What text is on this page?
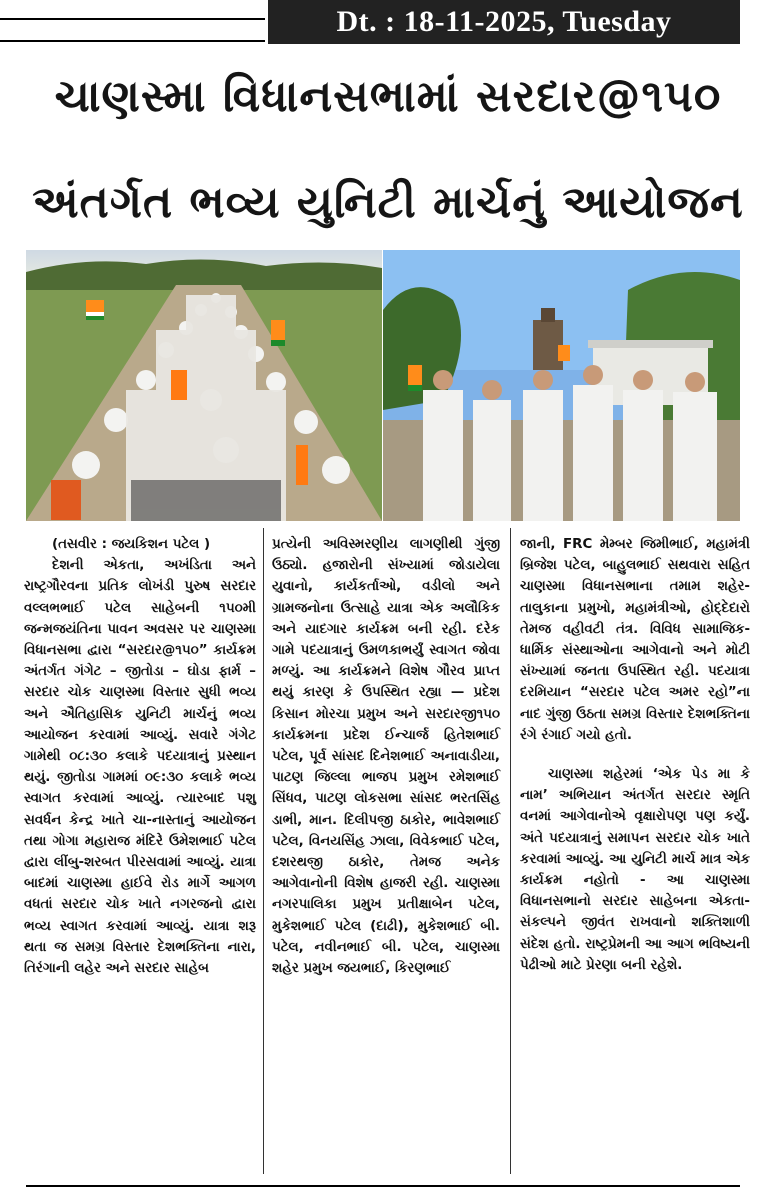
Dt. : 18-11-2025, Tuesday
ચાણસ્મા વિધાનસભામાં સરદાર@૧૫૦
અંતર્ગત ભવ્ય યુનિટી માર્ચનું આયોજન

(તસવીર : જયકિશન પટેલ )

દેશની એકતા, અખંડિતા અને રાષ્ટ્રગૌરવના પ્રતિક લોખંડી પુરુષ સરદાર વલ્લભભાઈ પટેલ સાહેબની ૧૫૦મી જન્મજયંતિના પાવન અવસર પર ચાણસ્મા વિધાનસભા દ્વારા “સરદાર@૧૫૦” કાર્યક્રમ અંતર્ગત ગંગેટ – જીતોડા – ઘોડા ફાર્મ – સરદાર ચોક ચાણસ્મા વિસ્તાર સુધી ભવ્ય અને ઐતિહાસિક યુનિટી માર્ચનું ભવ્ય આયોજન કરવામાં આવ્યું. સવારે ગંગેટ ગામેથી ૦૮:૩૦ કલાકે પદયાત્રાનું પ્રસ્થાન થયું. જીતોડા ગામમાં ૦૯:૩૦ કલાકે ભવ્ય સ્વાગત કરવામાં આવ્યું. ત્યારબાદ પશુ સવર્ધન કેન્દ્ર ખાતે ચા-નાસ્તાનું આયોજન તથા ગોગા મહારાજ મંદિરે ઉમેશભાઈ પટેલ દ્વારા લીંબુ-શરબત પીરસવામાં આવ્યું. યાત્રા બાદમાં ચાણસ્મા હાઈવે રોડ માર્ગે આગળ વધતાં સરદાર ચોક ખાતે નગરજનો દ્વારા ભવ્ય સ્વાગત કરવામાં આવ્યું. યાત્રા શરૂ થતા જ સમગ્ર વિસ્તાર દેશભક્તિના નારા, તિરંગાની લહેર અને સરદાર સાહેબ

પ્રત્યેની અવિસ્મરણીય લાગણીથી ગુંજી ઉઠ્યો. હજારોની સંખ્યામાં જોડાયેલા યુવાનો, કાર્યકર્તાઓ, વડીલો અને ગ્રામજનોના ઉત્સાહે યાત્રા એક અલૌકિક અને યાદગાર કાર્યક્રમ બની રહી. દરેક ગામે પદયાત્રાનું ઉમળકાભર્યું સ્વાગત જોવા મળ્યું. આ કાર્યક્રમને વિશેષ ગૌરવ પ્રાપ્ત થયું કારણ કે ઉપસ્થિત રહ્યા — પ્રદેશ કિસાન મોરચા પ્રમુખ અને સરદારજી૧૫૦ કાર્યક્રમના પ્રદેશ ઈન્ચાર્જ હિતેશભાઈ પટેલ, પૂર્વ સાંસદ દિનેશભાઈ અનાવાડીયા, પાટણ જિલ્લા ભાજપ પ્રમુખ રમેશભાઈ સિંધવ, પાટણ લોકસભા સાંસદ ભરતસિંહ ડાભી, માન. દિલીપજી ઠાકોર, ભાવેશભાઈ પટેલ, વિનયસિંહ ઝાલા, વિવેકભાઈ પટેલ, દશરથજી ઠાકોર, તેમજ અનેક આગેવાનોની વિશેષ હાજરી રહી. ચાણસ્મા નગરપાલિકા પ્રમુખ પ્રતીક્ષાબેન પટેલ, મુકેશભાઈ પટેલ (દાઢી), મુકેશભાઈ બી. પટેલ, નવીનભાઈ બી. પટેલ, ચાણસ્મા શહેર પ્રમુખ જયભાઈ, કિરણભાઈ

જાની, FRC મેમ્બર જિમીભાઈ, મહામંત્રી બ્રિજેશ પટેલ, બાહુલભાઈ સથવારા સહિત ચાણસ્મા વિધાનસભાના તમામ શહેર-તાલુકાના પ્રમુખો, મહામંત્રીઓ, હોદ્દેદારો તેમજ વહીવટી તંત્ર. વિવિધ સામાજિક-ધાર્મિક સંસ્થાઓના આગેવાનો અને મોટી સંખ્યામાં જનતા ઉપસ્થિત રહી. પદયાત્રા દરમિયાન “સરદાર પટેલ અમર રહો”ના નાદ ગુંજી ઉઠતા સમગ્ર વિસ્તાર દેશભક્તિના રંગે રંગાઈ ગયો હતો.

ચાણસ્મા શહેરમાં ‘એક પેડ મા કે નામ’ અભિયાન અંતર્ગત સરદાર સ્મૃતિ વનમાં આગેવાનોએ વૃક્ષારોપણ પણ કર્યું. અંતે પદયાત્રાનું સમાપન સરદાર ચોક ખાતે કરવામાં આવ્યું. આ યુનિટી માર્ચ માત્ર એક કાર્યક્રમ નહોતો - આ ચાણસ્મા વિધાનસભાનો સરદાર સાહેબના એકતા-સંકલ્પને જીવંત રાખવાનો શક્તિશાળી સંદેશ હતો. રાષ્ટ્રપ્રેમની આ આગ ભવિષ્યની પેઢીઓ માટે પ્રેરણા બની રહેશે.
